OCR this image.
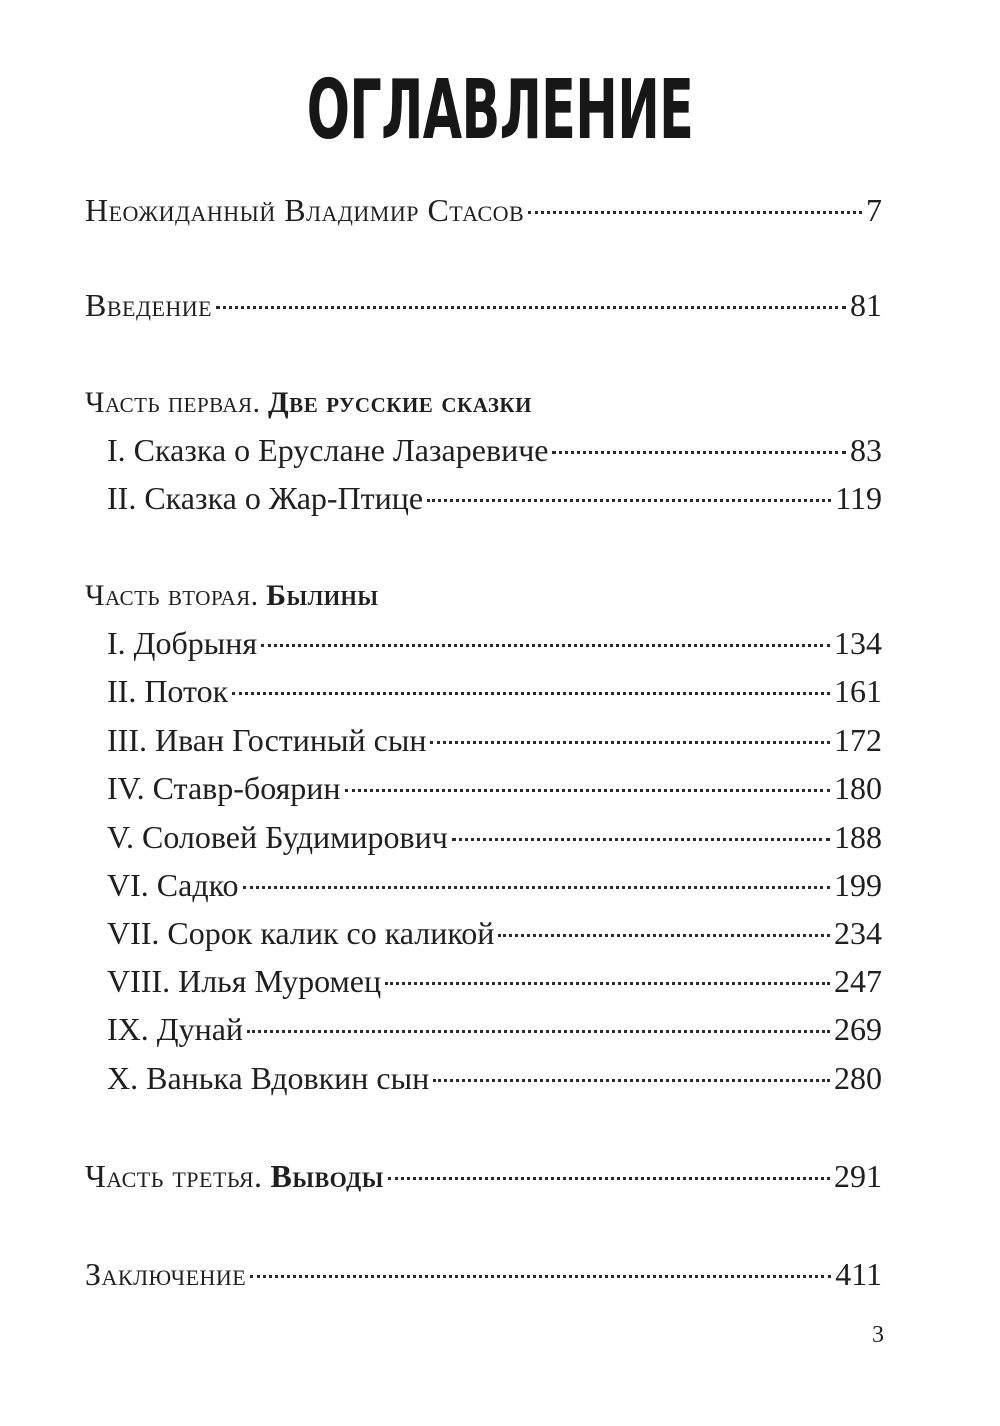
ОГЛАВЛЕНИЕ
Неожиданный Владимир Стасов	7
Введение	81
Часть первая. Две русские сказки
I. Сказка о Еруслане Лазаревиче	83
II. Сказка о Жар-Птице	119
Часть вторая. Былины
I. Добрыня	134
II. Поток	161
III. Иван Гостиный сын	172
IV. Ставр-боярин	180
V. Соловей Будимирович	188
VI. Садко	199
VII. Сорок калик со каликой	234
VIII. Илья Муромец	247
IX. Дунай	269
X. Ванька Вдовкин сын	280
Часть третья. Выводы	291
Заключение	411
3
